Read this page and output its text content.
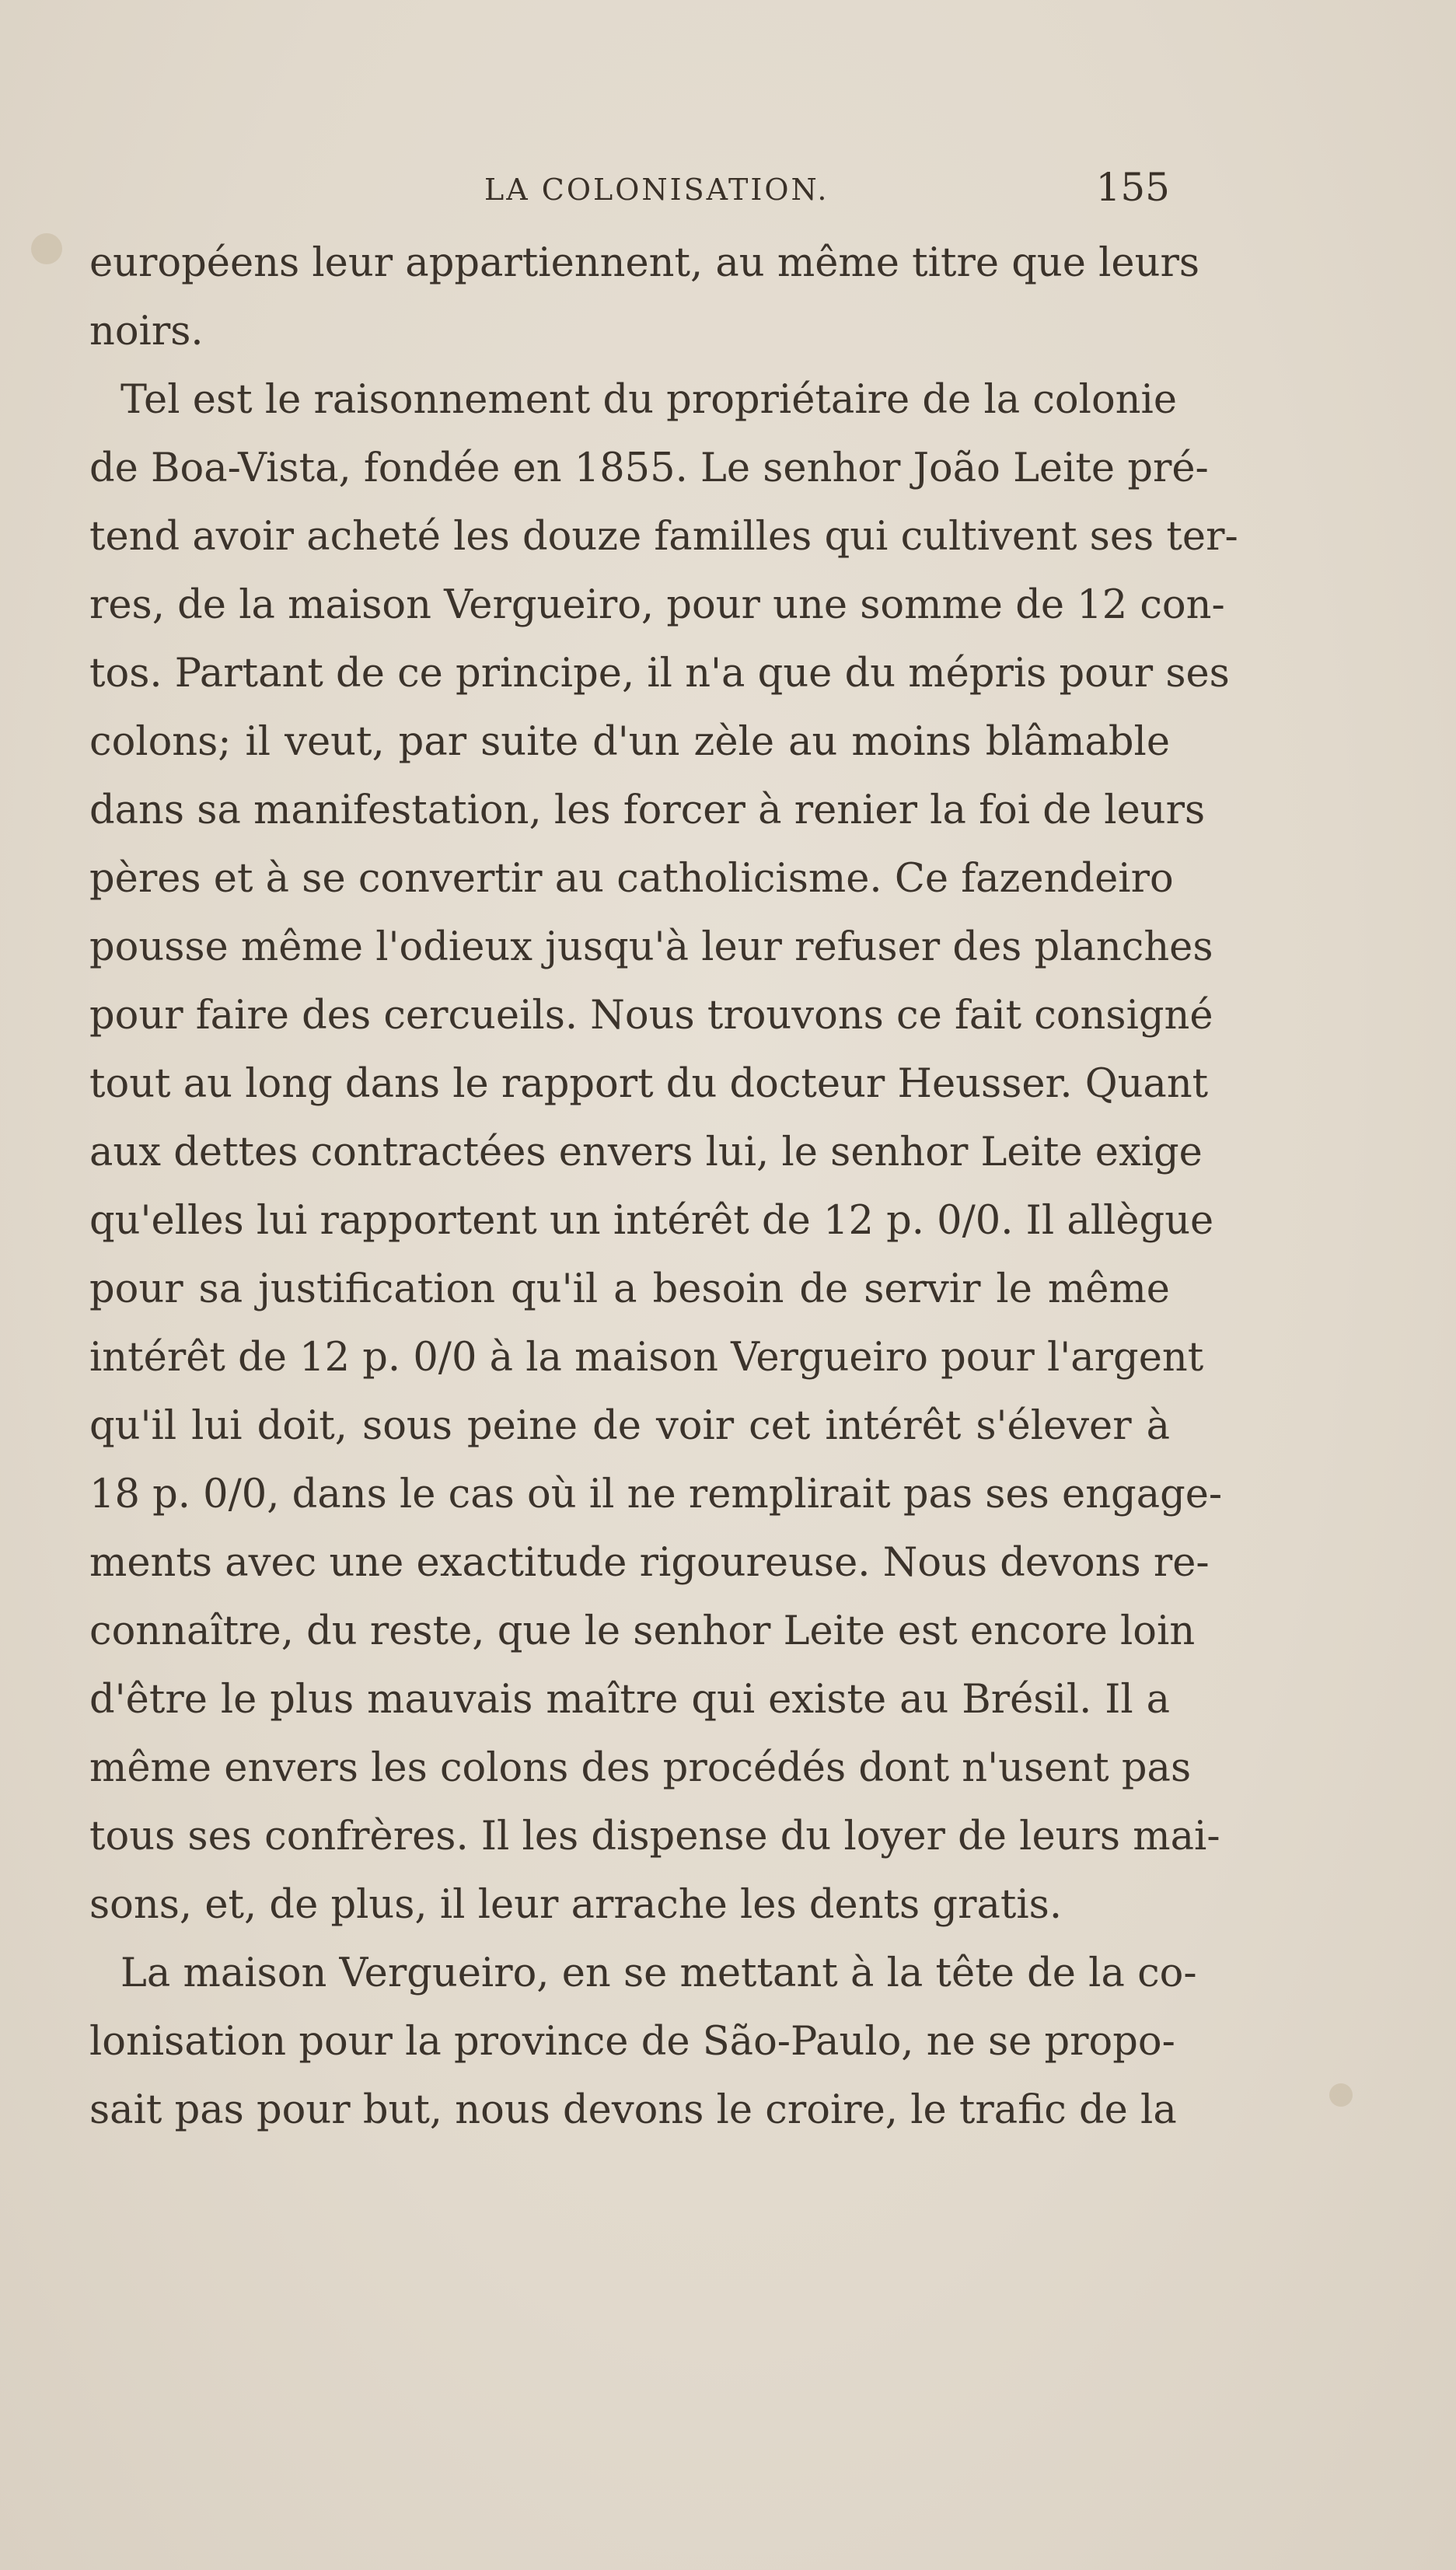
LA COLONISATION.	155
européens leur appartiennent, au même titre que leurs
noirs.
Tel est le raisonnement du propriétaire de la colonie
de Boa-Vista, fondée en 1855. Le senhor João Leite pré-
tend avoir acheté les douze familles qui cultivent ses ter-
res, de la maison Vergueiro, pour une somme de 12 con-
tos. Partant de ce principe, il n'a que du mépris pour ses
colons; il veut, par suite d'un zèle au moins blâmable
dans sa manifestation, les forcer à renier la foi de leurs
pères et à se convertir au catholicisme. Ce fazendeiro
pousse même l'odieux jusqu'à leur refuser des planches
pour faire des cercueils. Nous trouvons ce fait consigné
tout au long dans le rapport du docteur Heusser. Quant
aux dettes contractées envers lui, le senhor Leite exige
qu'elles lui rapportent un intérêt de 12 p. 0/0. Il allègue
pour sa justification qu'il a besoin de servir le même
intérêt de 12 p. 0/0 à la maison Vergueiro pour l'argent
qu'il lui doit, sous peine de voir cet intérêt s'élever à
18 p. 0/0, dans le cas où il ne remplirait pas ses engage-
ments avec une exactitude rigoureuse. Nous devons re-
connaître, du reste, que le senhor Leite est encore loin
d'être le plus mauvais maître qui existe au Brésil. Il a
même envers les colons des procédés dont n'usent pas
tous ses confrères. Il les dispense du loyer de leurs mai-
sons, et, de plus, il leur arrache les dents gratis.
La maison Vergueiro, en se mettant à la tête de la co-
lonisation pour la province de São-Paulo, ne se propo-
sait pas pour but, nous devons le croire, le trafic de la
